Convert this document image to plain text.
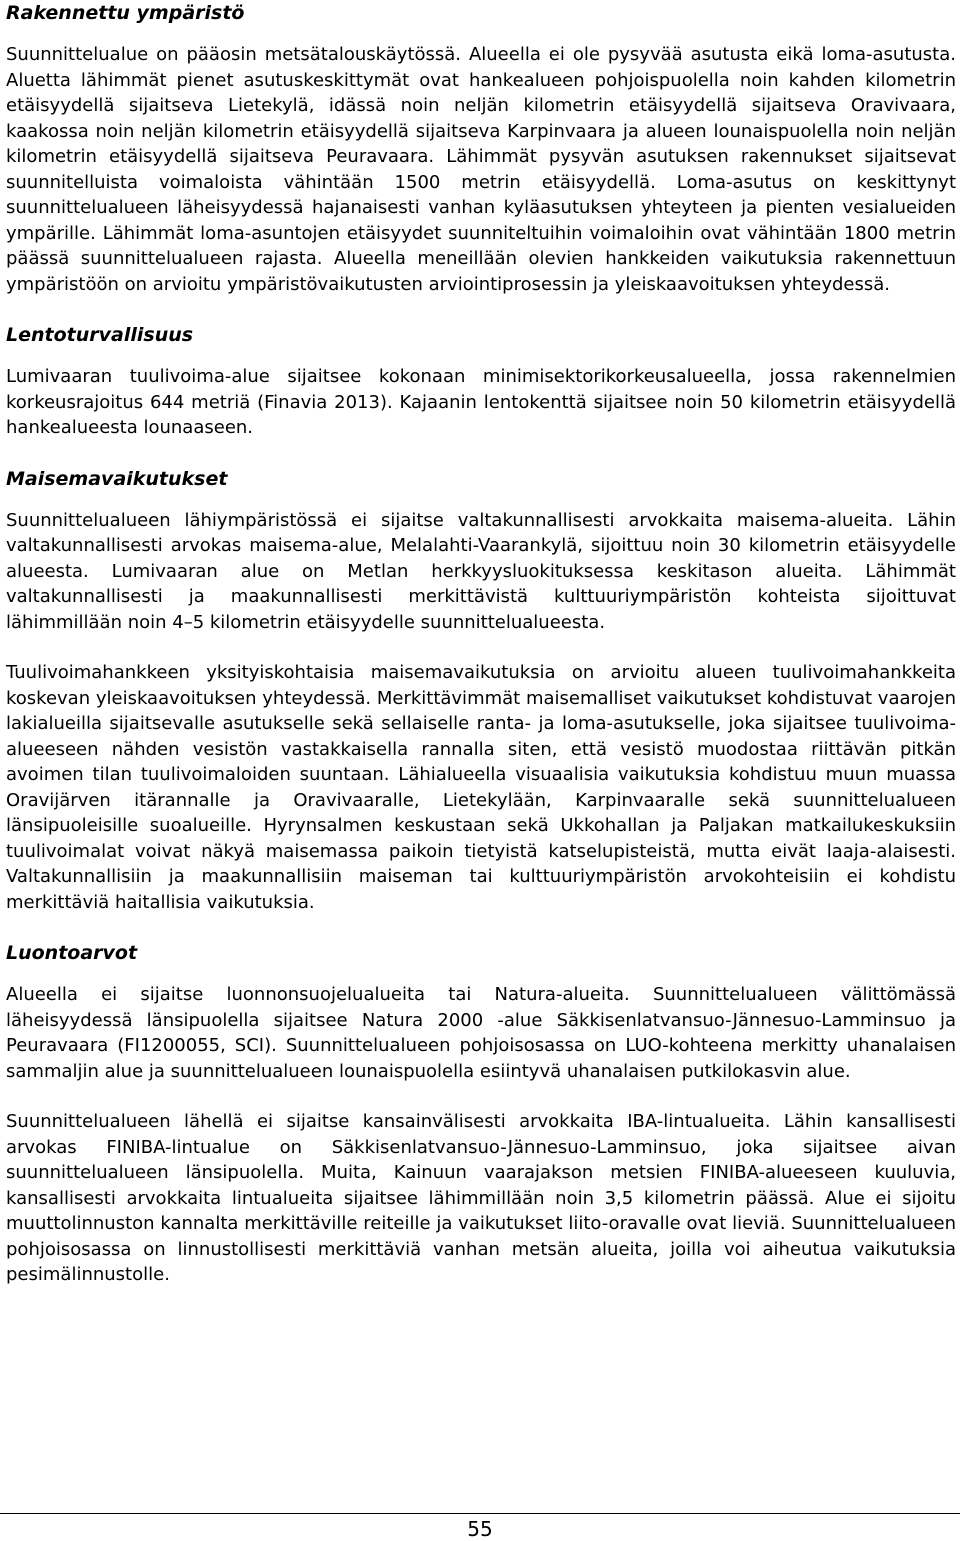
Rakennettu ympäristö

Suunnittelualue on pääosin metsätalouskäytössä. Alueella ei ole pysyvää asutusta eikä loma-asutusta. Aluetta lähimmät pienet asutuskeskittymät ovat hankealueen pohjoispuolella noin kahden kilometrin etäisyydellä sijaitseva Lietekylä, idässä noin neljän kilometrin etäisyydellä sijaitseva Oravivaara, kaakossa noin neljän kilometrin etäisyydellä sijaitseva Karpinvaara ja alueen lounaispuolella noin neljän kilometrin etäisyydellä sijaitseva Peuravaara. Lähimmät pysyvän asutuksen rakennukset sijaitsevat suunnitelluista voimaloista vähintään 1500 metrin etäisyydellä. Loma-asutus on keskittynyt suunnittelualueen läheisyydessä hajanaisesti vanhan kyläasutuksen yhteyteen ja pienten vesialueiden ympärille. Lähimmät loma-asuntojen etäisyydet suunniteltuihin voimaloihin ovat vähintään 1800 metrin päässä suunnittelualueen rajasta. Alueella meneillään olevien hankkeiden vaikutuksia rakennettuun ympäristöön on arvioitu ympäristövaikutusten arviointiprosessin ja yleiskaavoituksen yhteydessä.

Lentoturvallisuus

Lumivaaran tuulivoima-alue sijaitsee kokonaan minimisektorikorkeusalueella, jossa rakennelmien korkeusrajoitus 644 metriä (Finavia 2013). Kajaanin lentokenttä sijaitsee noin 50 kilometrin etäisyydellä hankealueesta lounaaseen.

Maisemavaikutukset

Suunnittelualueen lähiympäristössä ei sijaitse valtakunnallisesti arvokkaita maisema-alueita. Lähin valtakunnallisesti arvokas maisema-alue, Melalahti-Vaarankylä, sijoittuu noin 30 kilometrin etäisyydelle alueesta. Lumivaaran alue on Metlan herkkyysluokituksessa keskitason alueita. Lähimmät valtakunnallisesti ja maakunnallisesti merkittävistä kulttuuriympäristön kohteista sijoittuvat lähimmillään noin 4–5 kilometrin etäisyydelle suunnittelualueesta.

Tuulivoimahankkeen yksityiskohtaisia maisemavaikutuksia on arvioitu alueen tuulivoimahankkeita koskevan yleiskaavoituksen yhteydessä. Merkittävimmät maisemalliset vaikutukset kohdistuvat vaarojen lakialueilla sijaitsevalle asutukselle sekä sellaiselle ranta- ja loma-asutukselle, joka sijaitsee tuulivoima-alueeseen nähden vesistön vastakkaisella rannalla siten, että vesistö muodostaa riittävän pitkän avoimen tilan tuulivoimaloiden suuntaan. Lähialueella visuaalisia vaikutuksia kohdistuu muun muassa Oravijärven itärannalle ja Oravivaaralle, Lietekylään, Karpinvaaralle sekä suunnittelualueen länsipuoleisille suoalueille. Hyrynsalmen keskustaan sekä Ukkohallan ja Paljakan matkailukeskuksiin tuulivoimalat voivat näkyä maisemassa paikoin tietyistä katselupisteistä, mutta eivät laaja-alaisesti. Valtakunnallisiin ja maakunnallisiin maiseman tai kulttuuriympäristön arvokohteisiin ei kohdistu merkittäviä haitallisia vaikutuksia.

Luontoarvot

Alueella ei sijaitse luonnonsuojelualueita tai Natura-alueita. Suunnittelualueen välittömässä läheisyydessä länsipuolella sijaitsee Natura 2000 -alue Säkkisenlatvansuo-Jännesuo-Lamminsuo ja Peuravaara (FI1200055, SCI). Suunnittelualueen pohjoisosassa on LUO-kohteena merkitty uhanalaisen sammaljin alue ja suunnittelualueen lounaispuolella esiintyvä uhanalaisen putkilokasvin alue.

Suunnittelualueen lähellä ei sijaitse kansainvälisesti arvokkaita IBA-lintualueita. Lähin kansallisesti arvokas FINIBA-lintualue on Säkkisenlatvansuo-Jännesuo-Lamminsuo, joka sijaitsee aivan suunnittelualueen länsipuolella. Muita, Kainuun vaarajakson metsien FINIBA-alueeseen kuuluvia, kansallisesti arvokkaita lintualueita sijaitsee lähimmillään noin 3,5 kilometrin päässä. Alue ei sijoitu muuttolinnuston kannalta merkittäville reiteille ja vaikutukset liito-oravalle ovat lieviä. Suunnittelualueen pohjoisosassa on linnustollisesti merkittäviä vanhan metsän alueita, joilla voi aiheutua vaikutuksia pesimälinnustolle.

55
